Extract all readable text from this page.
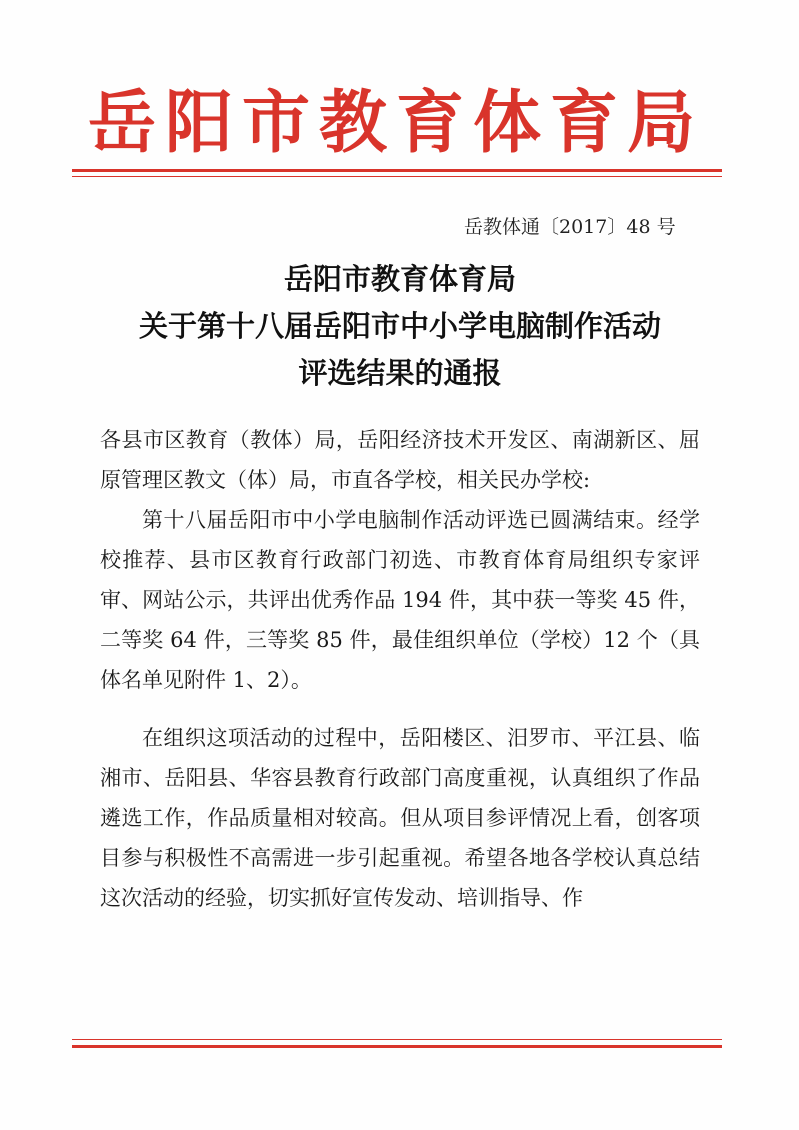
岳阳市教育体育局
岳教体通〔2017〕48 号
岳阳市教育体育局
关于第十八届岳阳市中小学电脑制作活动
评选结果的通报

各县市区教育（教体）局，岳阳经济技术开发区、南湖新区、屈原管理区教文（体）局，市直各学校，相关民办学校:

第十八届岳阳市中小学电脑制作活动评选已圆满结束。经学校推荐、县市区教育行政部门初选、市教育体育局组织专家评审、网站公示，共评出优秀作品 194 件，其中获一等奖 45 件，二等奖 64 件，三等奖 85 件，最佳组织单位（学校）12 个（具体名单见附件 1、2）。

在组织这项活动的过程中，岳阳楼区、汨罗市、平江县、临湘市、岳阳县、华容县教育行政部门高度重视，认真组织了作品遴选工作，作品质量相对较高。但从项目参评情况上看，创客项目参与积极性不高需进一步引起重视。希望各地各学校认真总结这次活动的经验，切实抓好宣传发动、培训指导、作
